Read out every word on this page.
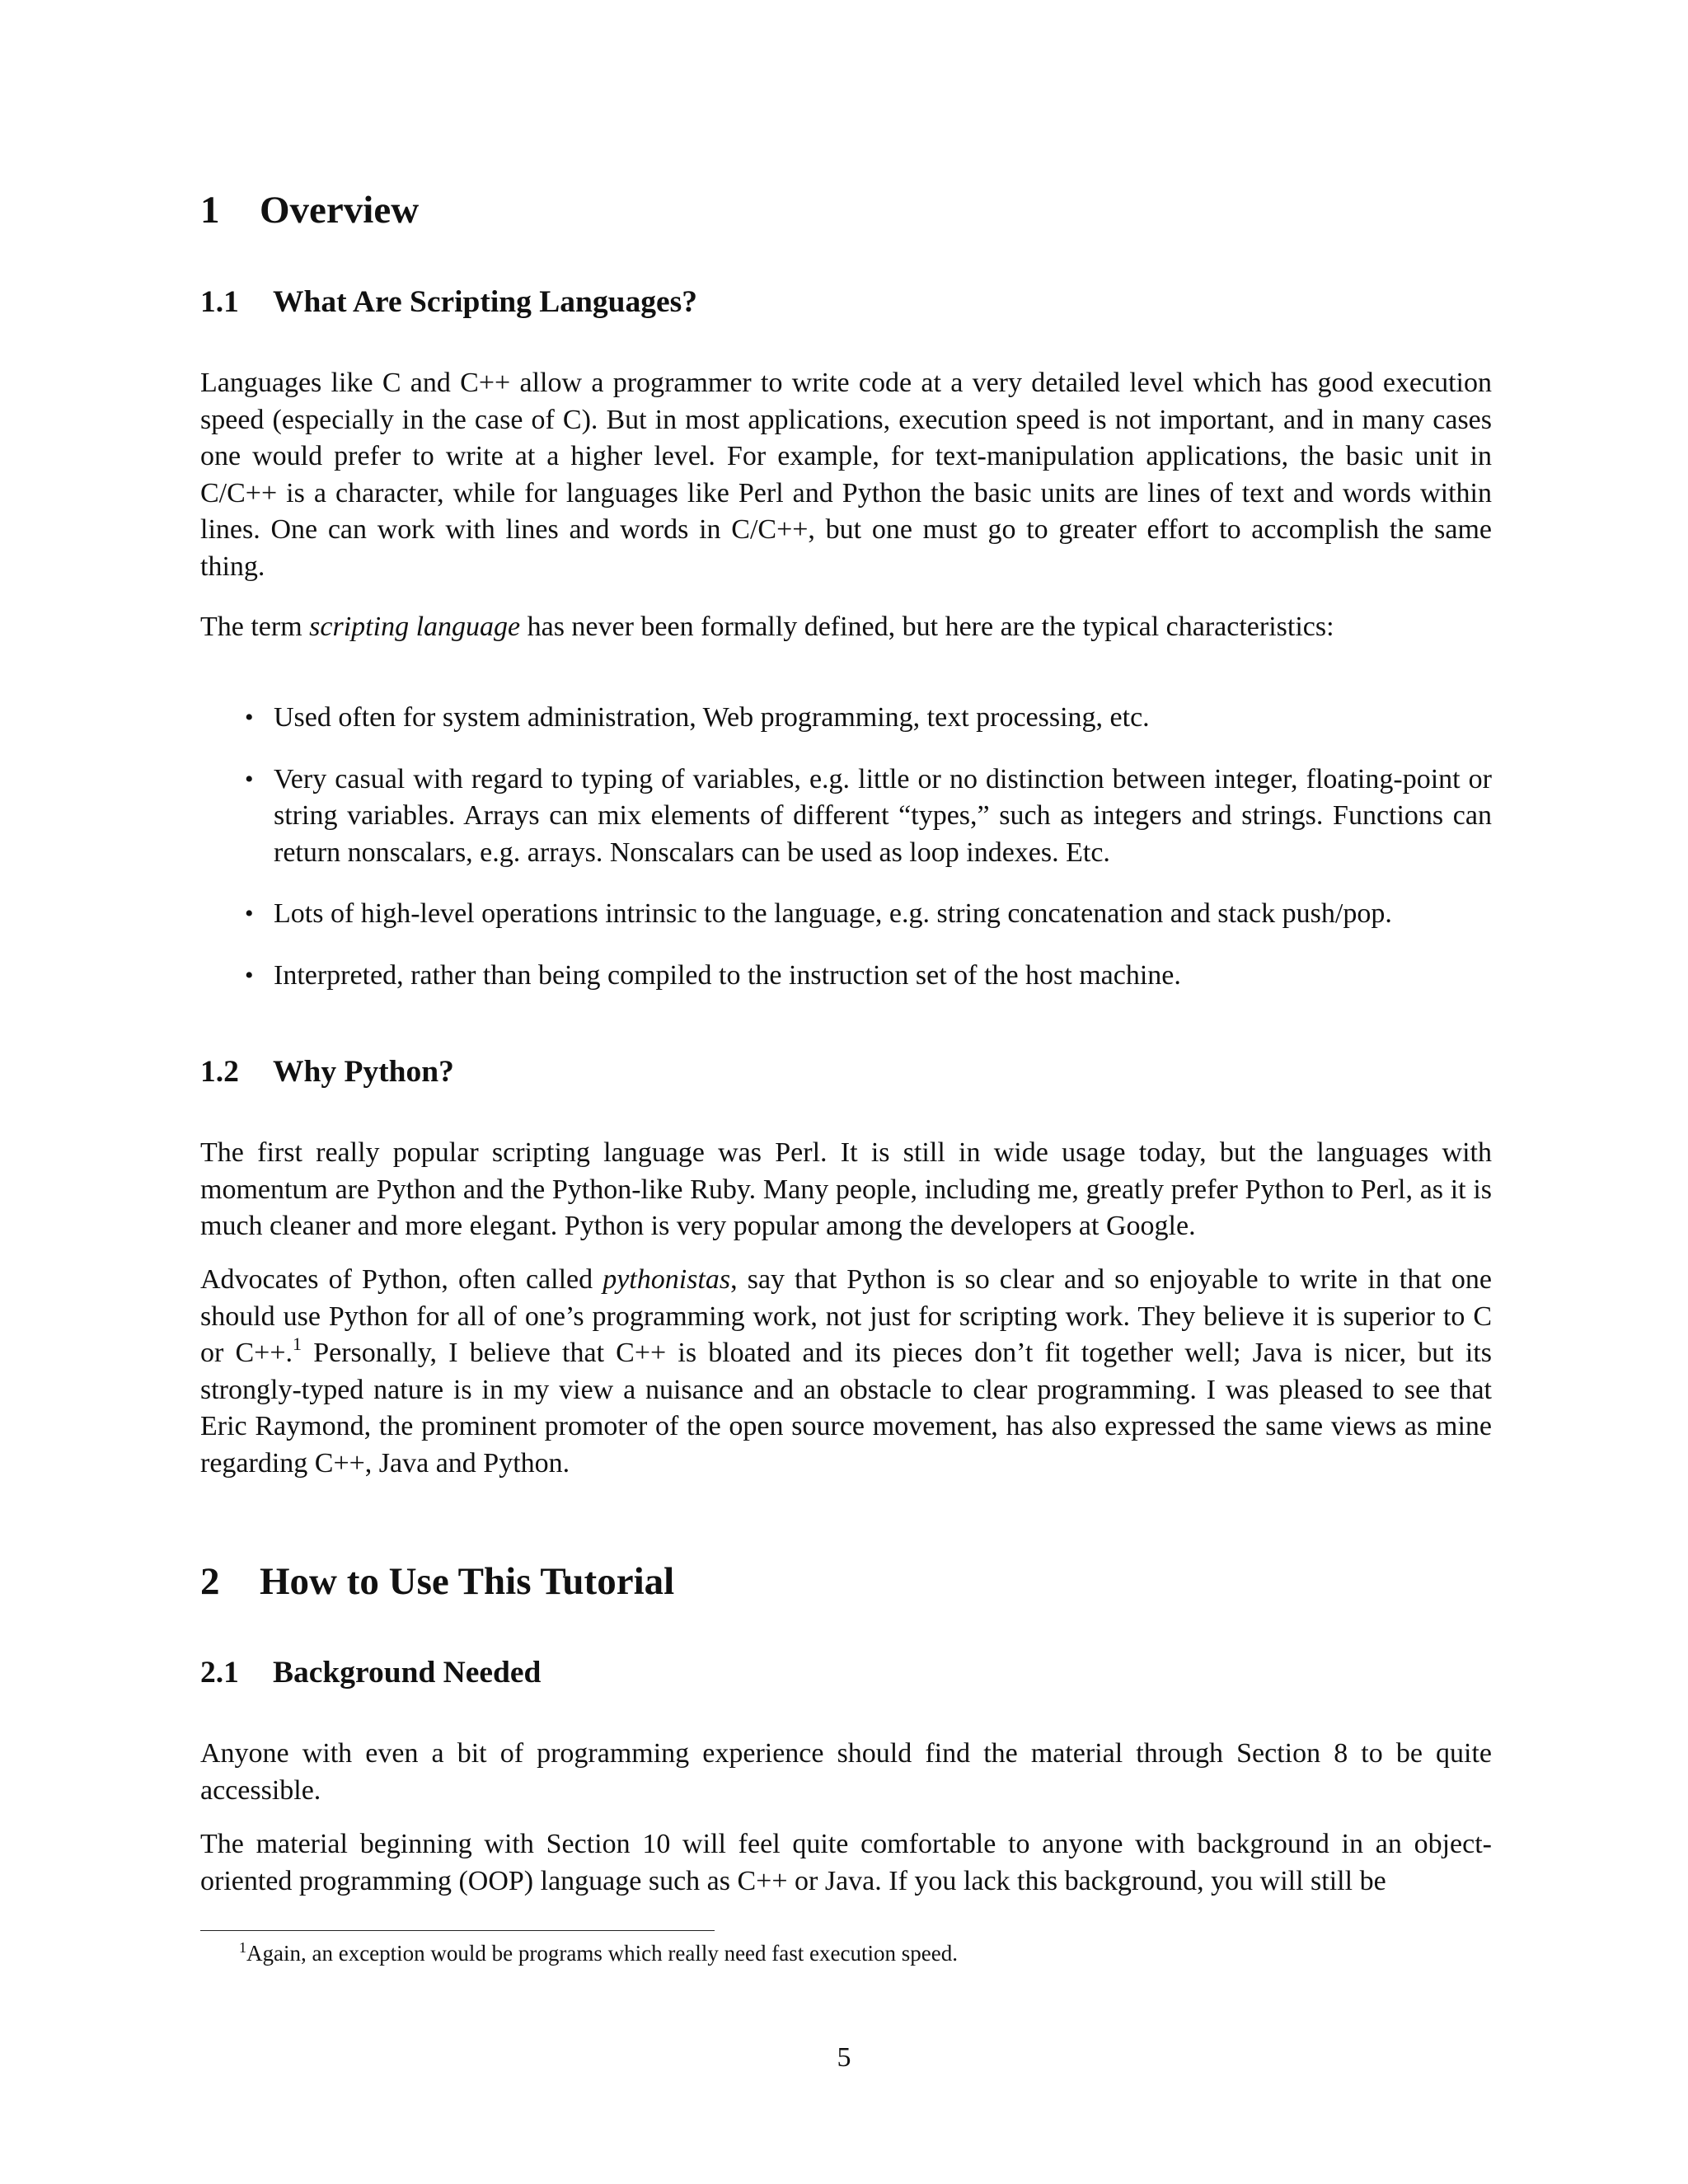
1 Overview
1.1 What Are Scripting Languages?
Languages like C and C++ allow a programmer to write code at a very detailed level which has good execution speed (especially in the case of C). But in most applications, execution speed is not important, and in many cases one would prefer to write at a higher level. For example, for text-manipulation applications, the basic unit in C/C++ is a character, while for languages like Perl and Python the basic units are lines of text and words within lines. One can work with lines and words in C/C++, but one must go to greater effort to accomplish the same thing.
The term scripting language has never been formally defined, but here are the typical characteristics:
• Used often for system administration, Web programming, text processing, etc.
• Very casual with regard to typing of variables, e.g. little or no distinction between integer, floating-point or string variables. Arrays can mix elements of different “types,” such as integers and strings. Functions can return nonscalars, e.g. arrays. Nonscalars can be used as loop indexes. Etc.
• Lots of high-level operations intrinsic to the language, e.g. string concatenation and stack push/pop.
• Interpreted, rather than being compiled to the instruction set of the host machine.
1.2 Why Python?
The first really popular scripting language was Perl. It is still in wide usage today, but the languages with momentum are Python and the Python-like Ruby. Many people, including me, greatly prefer Python to Perl, as it is much cleaner and more elegant. Python is very popular among the developers at Google.
Advocates of Python, often called pythonistas, say that Python is so clear and so enjoyable to write in that one should use Python for all of one’s programming work, not just for scripting work. They believe it is superior to C or C++.$^1$ Personally, I believe that C++ is bloated and its pieces don’t fit together well; Java is nicer, but its strongly-typed nature is in my view a nuisance and an obstacle to clear programming. I was pleased to see that Eric Raymond, the prominent promoter of the open source movement, has also expressed the same views as mine regarding C++, Java and Python.
2 How to Use This Tutorial
2.1 Background Needed
Anyone with even a bit of programming experience should find the material through Section 8 to be quite accessible.
The material beginning with Section 10 will feel quite comfortable to anyone with background in an object-oriented programming (OOP) language such as C++ or Java. If you lack this background, you will still be
$^1$Again, an exception would be programs which really need fast execution speed.
5
